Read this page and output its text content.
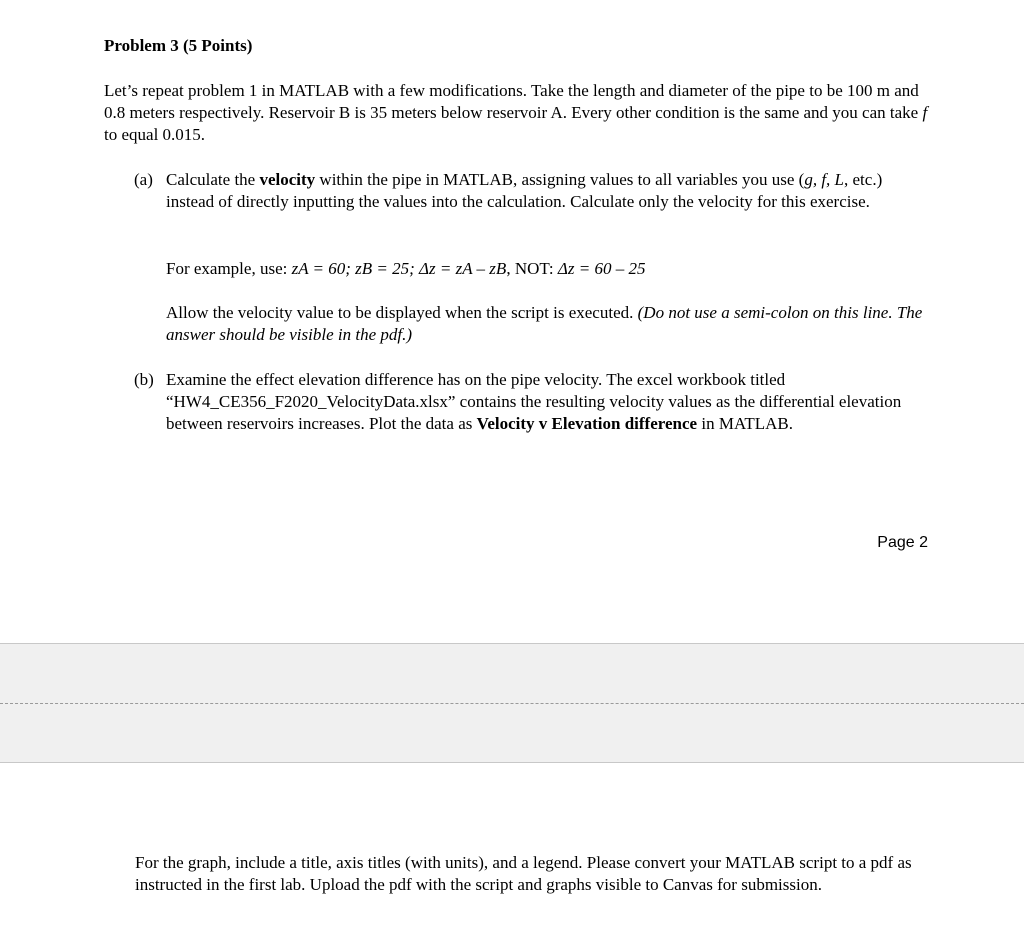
Problem 3 (5 Points)
Let’s repeat problem 1 in MATLAB with a few modifications. Take the length and diameter of the pipe to be 100 m and 0.8 meters respectively. Reservoir B is 35 meters below reservoir A. Every other condition is the same and you can take f to equal 0.015.
(a) Calculate the velocity within the pipe in MATLAB, assigning values to all variables you use (g, f, L, etc.) instead of directly inputting the values into the calculation. Calculate only the velocity for this exercise.
For example, use: zA = 60; zB = 25; Δz = zA – zB, NOT: Δz = 60 – 25
Allow the velocity value to be displayed when the script is executed. (Do not use a semi-colon on this line. The answer should be visible in the pdf.)
(b) Examine the effect elevation difference has on the pipe velocity. The excel workbook titled “HW4_CE356_F2020_VelocityData.xlsx” contains the resulting velocity values as the differential elevation between reservoirs increases. Plot the data as Velocity v Elevation difference in MATLAB.
Page 2
For the graph, include a title, axis titles (with units), and a legend. Please convert your MATLAB script to a pdf as instructed in the first lab. Upload the pdf with the script and graphs visible to Canvas for submission.
